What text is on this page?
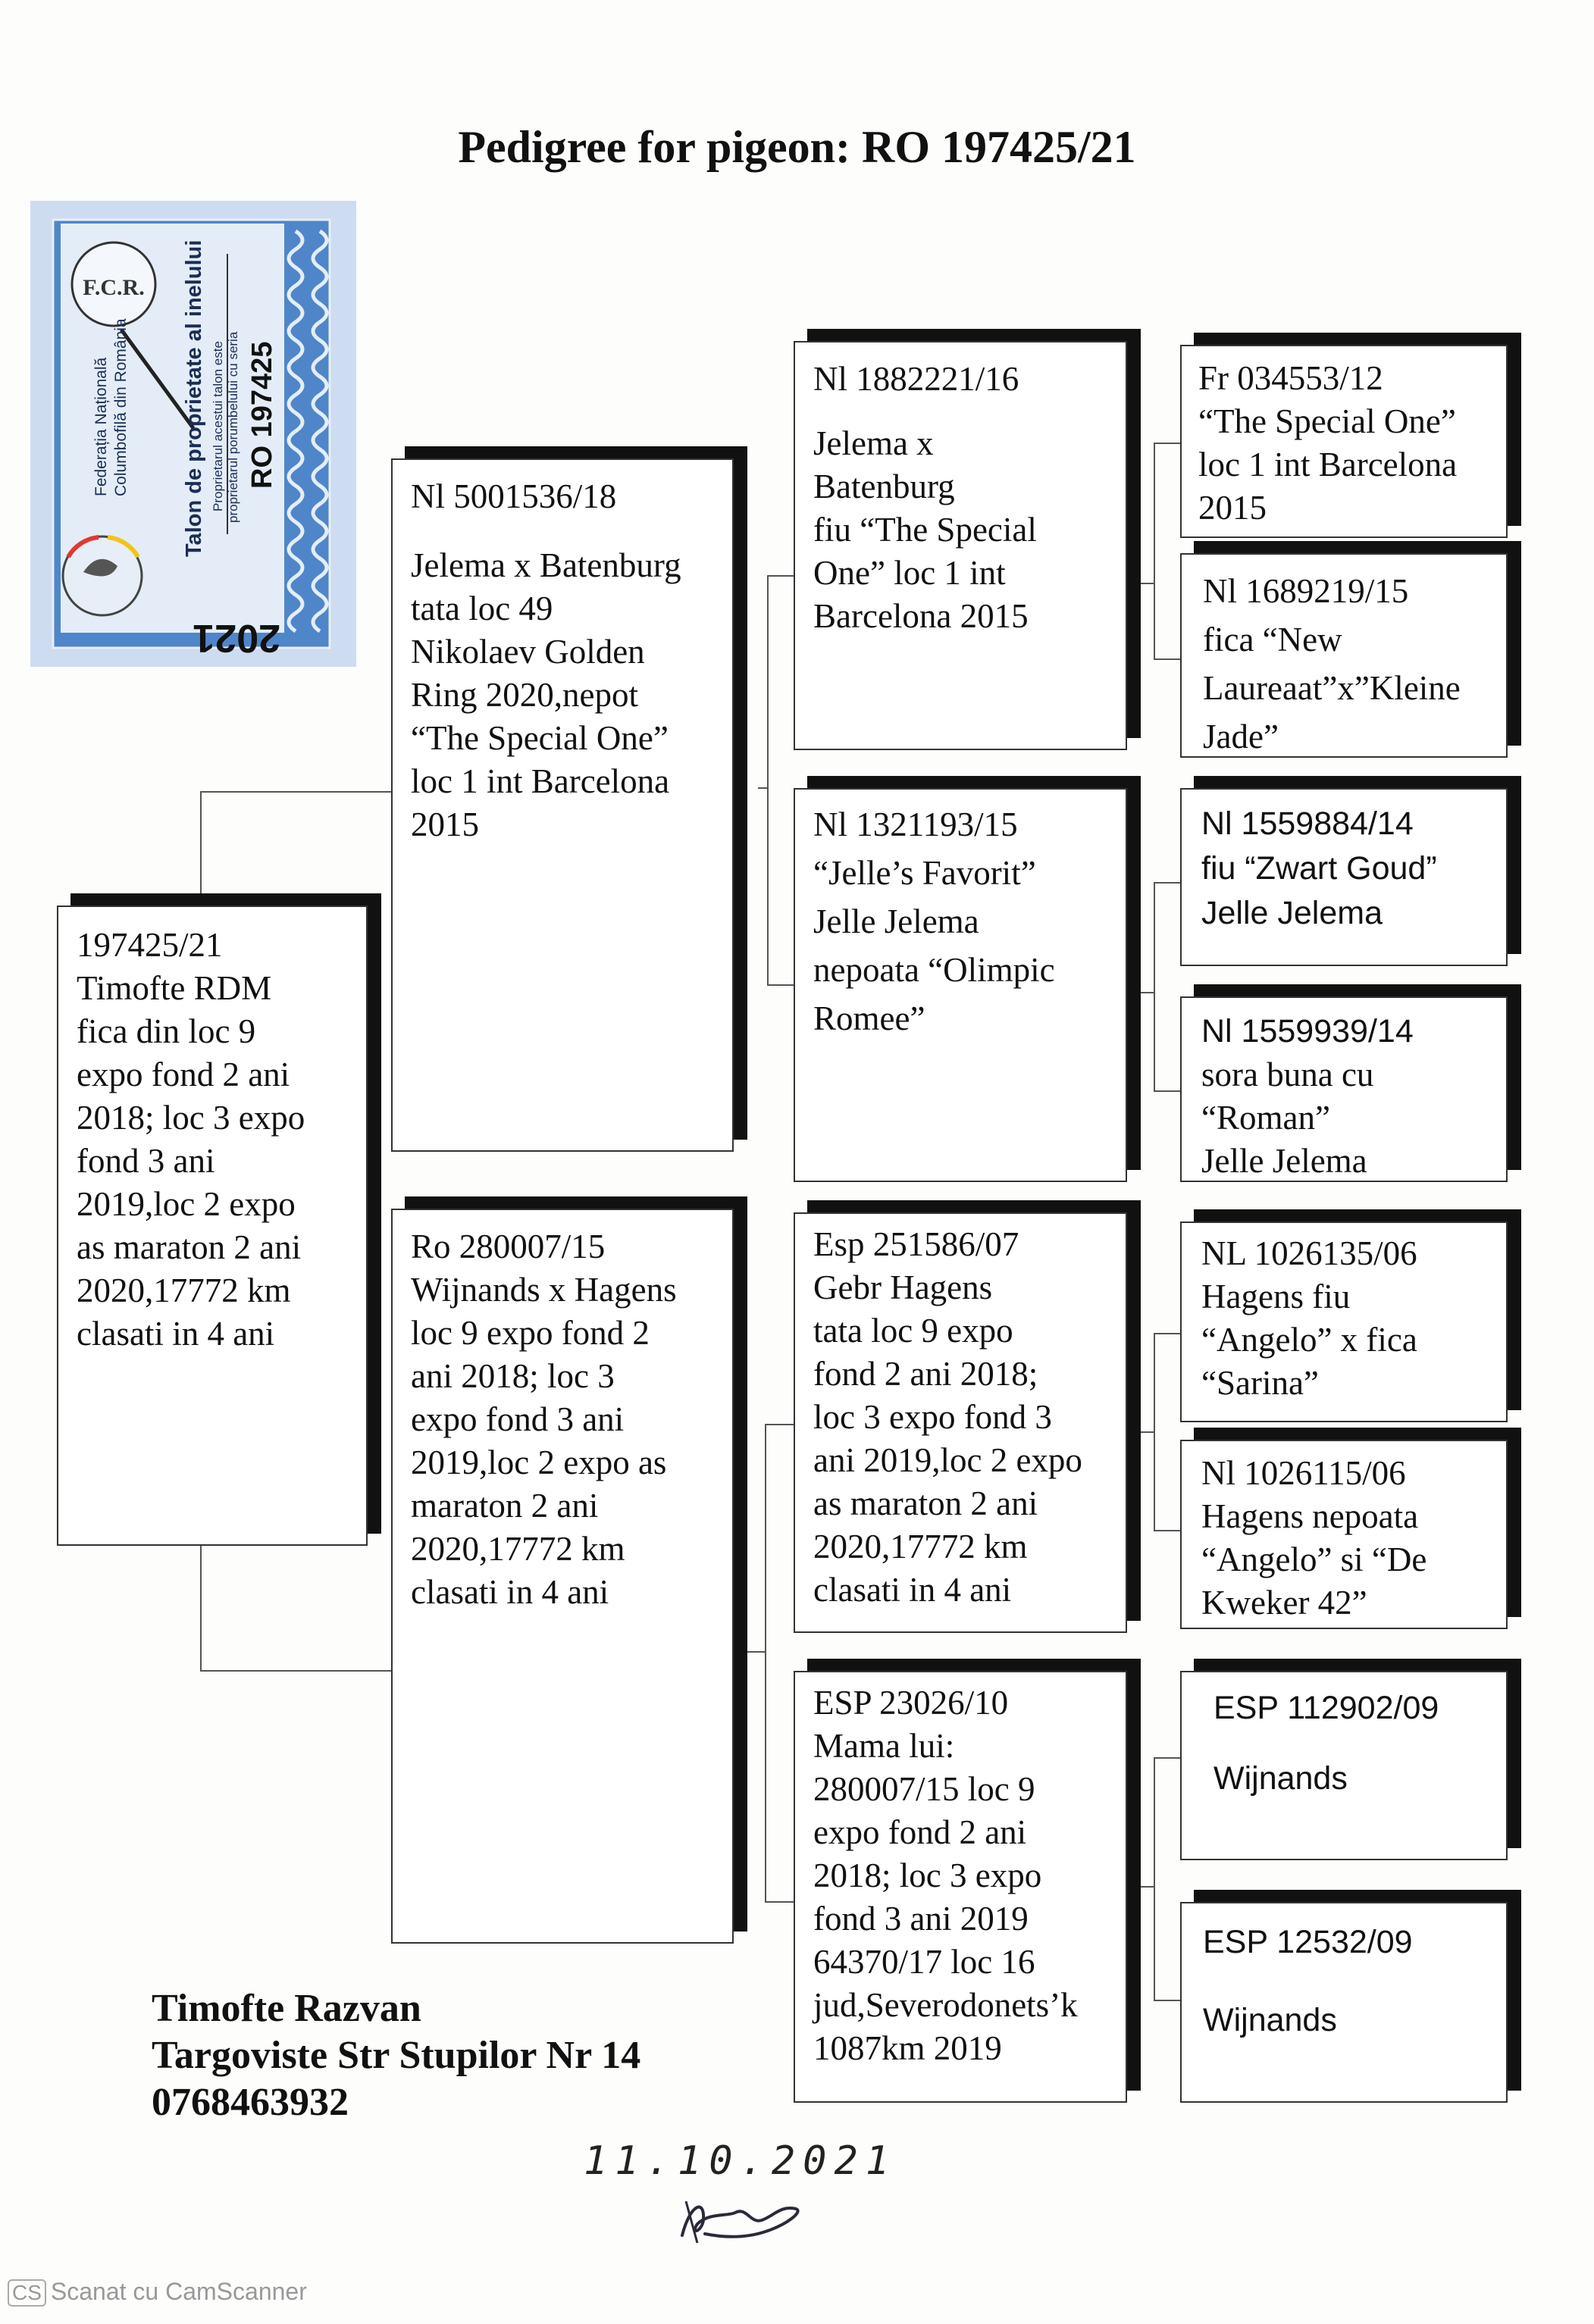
Pedigree for pigeon: RO 197425/21
F.C.R.
Federația Națională Columbofilă din România Talon de proprietate al inelului Proprietarul acestui talon este proprietarul porumbelului cu seria RO 197425
2021
197425/21
Timofte RDM
fica din loc 9
expo fond 2 ani
2018; loc 3 expo
fond 3 ani
2019,loc 2 expo
as maraton 2 ani
2020,17772 km
clasati in 4 ani
Nl 5001536/18
Jelema x Batenburg
tata loc 49
Nikolaev Golden
Ring 2020,nepot
“The Special One”
loc 1 int Barcelona
2015
Ro 280007/15
Wijnands x Hagens
loc 9 expo fond 2
ani 2018; loc 3
expo fond 3 ani
2019,loc 2 expo as
maraton 2 ani
2020,17772 km
clasati in 4 ani
Nl 1882221/16
Jelema x
Batenburg
fiu “The Special
One” loc 1 int
Barcelona 2015
Nl 1321193/15
“Jelle’s Favorit”
Jelle Jelema
nepoata “Olimpic
Romee”
Esp 251586/07
Gebr Hagens
tata loc 9 expo
fond 2 ani 2018;
loc 3 expo fond 3
ani 2019,loc 2 expo
as maraton 2 ani
2020,17772 km
clasati in 4 ani
ESP 23026/10
Mama lui:
280007/15 loc 9
expo fond 2 ani
2018; loc 3 expo
fond 3 ani 2019
64370/17 loc 16
jud,Severodonets’k
1087km 2019
Fr 034553/12
“The Special One”
loc 1 int Barcelona
2015
Nl 1689219/15
fica “New
Laureaat”x”Kleine
Jade”
Nl 1559884/14
fiu “Zwart Goud”
Jelle Jelema
Nl 1559939/14
sora buna cu
“Roman”
Jelle Jelema
NL 1026135/06
Hagens fiu
“Angelo” x fica
“Sarina”
Nl 1026115/06
Hagens nepoata
“Angelo” si “De
Kweker 42”
ESP 112902/09
Wijnands
ESP 12532/09
Wijnands
Timofte Razvan
Targoviste Str Stupilor Nr 14
0768463932
11.10.2021
CS Scanat cu CamScanner
